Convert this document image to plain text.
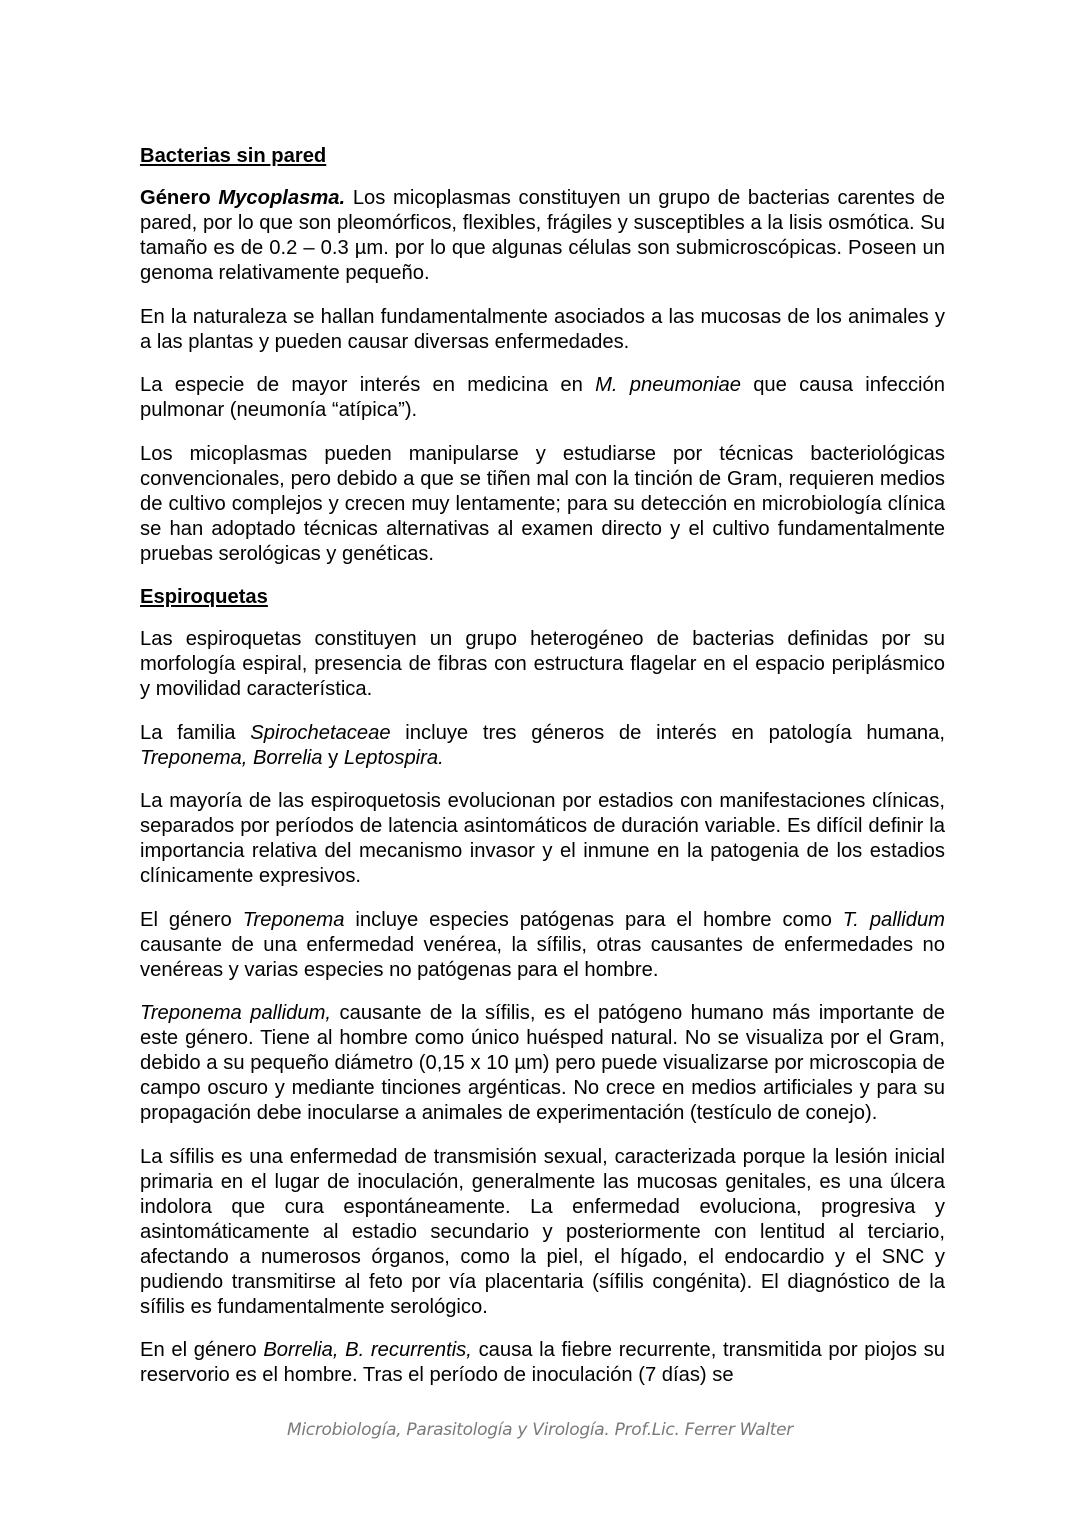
Bacterias sin pared

Género Mycoplasma. Los micoplasmas constituyen un grupo de bacterias carentes de pared, por lo que son pleomórficos, flexibles, frágiles y susceptibles a la lisis osmótica. Su tamaño es de 0.2 – 0.3 µm. por lo que algunas células son submicroscópicas. Poseen un genoma relativamente pequeño.

En la naturaleza se hallan fundamentalmente asociados a las mucosas de los animales y a las plantas y pueden causar diversas enfermedades.

La especie de mayor interés en medicina en M. pneumoniae que causa infección pulmonar (neumonía “atípica”).

Los micoplasmas pueden manipularse y estudiarse por técnicas bacteriológicas convencionales, pero debido a que se tiñen mal con la tinción de Gram, requieren medios de cultivo complejos y crecen muy lentamente; para su detección en microbiología clínica se han adoptado técnicas alternativas al examen directo y el cultivo fundamentalmente pruebas serológicas y genéticas.

Espiroquetas

Las espiroquetas constituyen un grupo heterogéneo de bacterias definidas por su morfología espiral, presencia de fibras con estructura flagelar en el espacio periplásmico y movilidad característica.

La familia Spirochetaceae incluye tres géneros de interés en patología humana, Treponema, Borrelia y Leptospira.

La mayoría de las espiroquetosis evolucionan por estadios con manifestaciones clínicas, separados por períodos de latencia asintomáticos de duración variable. Es difícil definir la importancia relativa del mecanismo invasor y el inmune en la patogenia de los estadios clínicamente expresivos.

El género Treponema incluye especies patógenas para el hombre como T. pallidum causante de una enfermedad venérea, la sífilis, otras causantes de enfermedades no venéreas y varias especies no patógenas para el hombre.

Treponema pallidum, causante de la sífilis, es el patógeno humano más importante de este género. Tiene al hombre como único huésped natural. No se visualiza por el Gram, debido a su pequeño diámetro (0,15 x 10 µm) pero puede visualizarse por microscopia de campo oscuro y mediante tinciones argénticas. No crece en medios artificiales y para su propagación debe inocularse a animales de experimentación (testículo de conejo).

La sífilis es una enfermedad de transmisión sexual, caracterizada porque la lesión inicial primaria en el lugar de inoculación, generalmente las mucosas genitales, es una úlcera indolora que cura espontáneamente. La enfermedad evoluciona, progresiva y asintomáticamente al estadio secundario y posteriormente con lentitud al terciario, afectando a numerosos órganos, como la piel, el hígado, el endocardio y el SNC y pudiendo transmitirse al feto por vía placentaria (sífilis congénita). El diagnóstico de la sífilis es fundamentalmente serológico.

En el género Borrelia, B. recurrentis, causa la fiebre recurrente, transmitida por piojos su reservorio es el hombre. Tras el período de inoculación (7 días) se

Microbiología, Parasitología y Virología. Prof.Lic. Ferrer Walter
